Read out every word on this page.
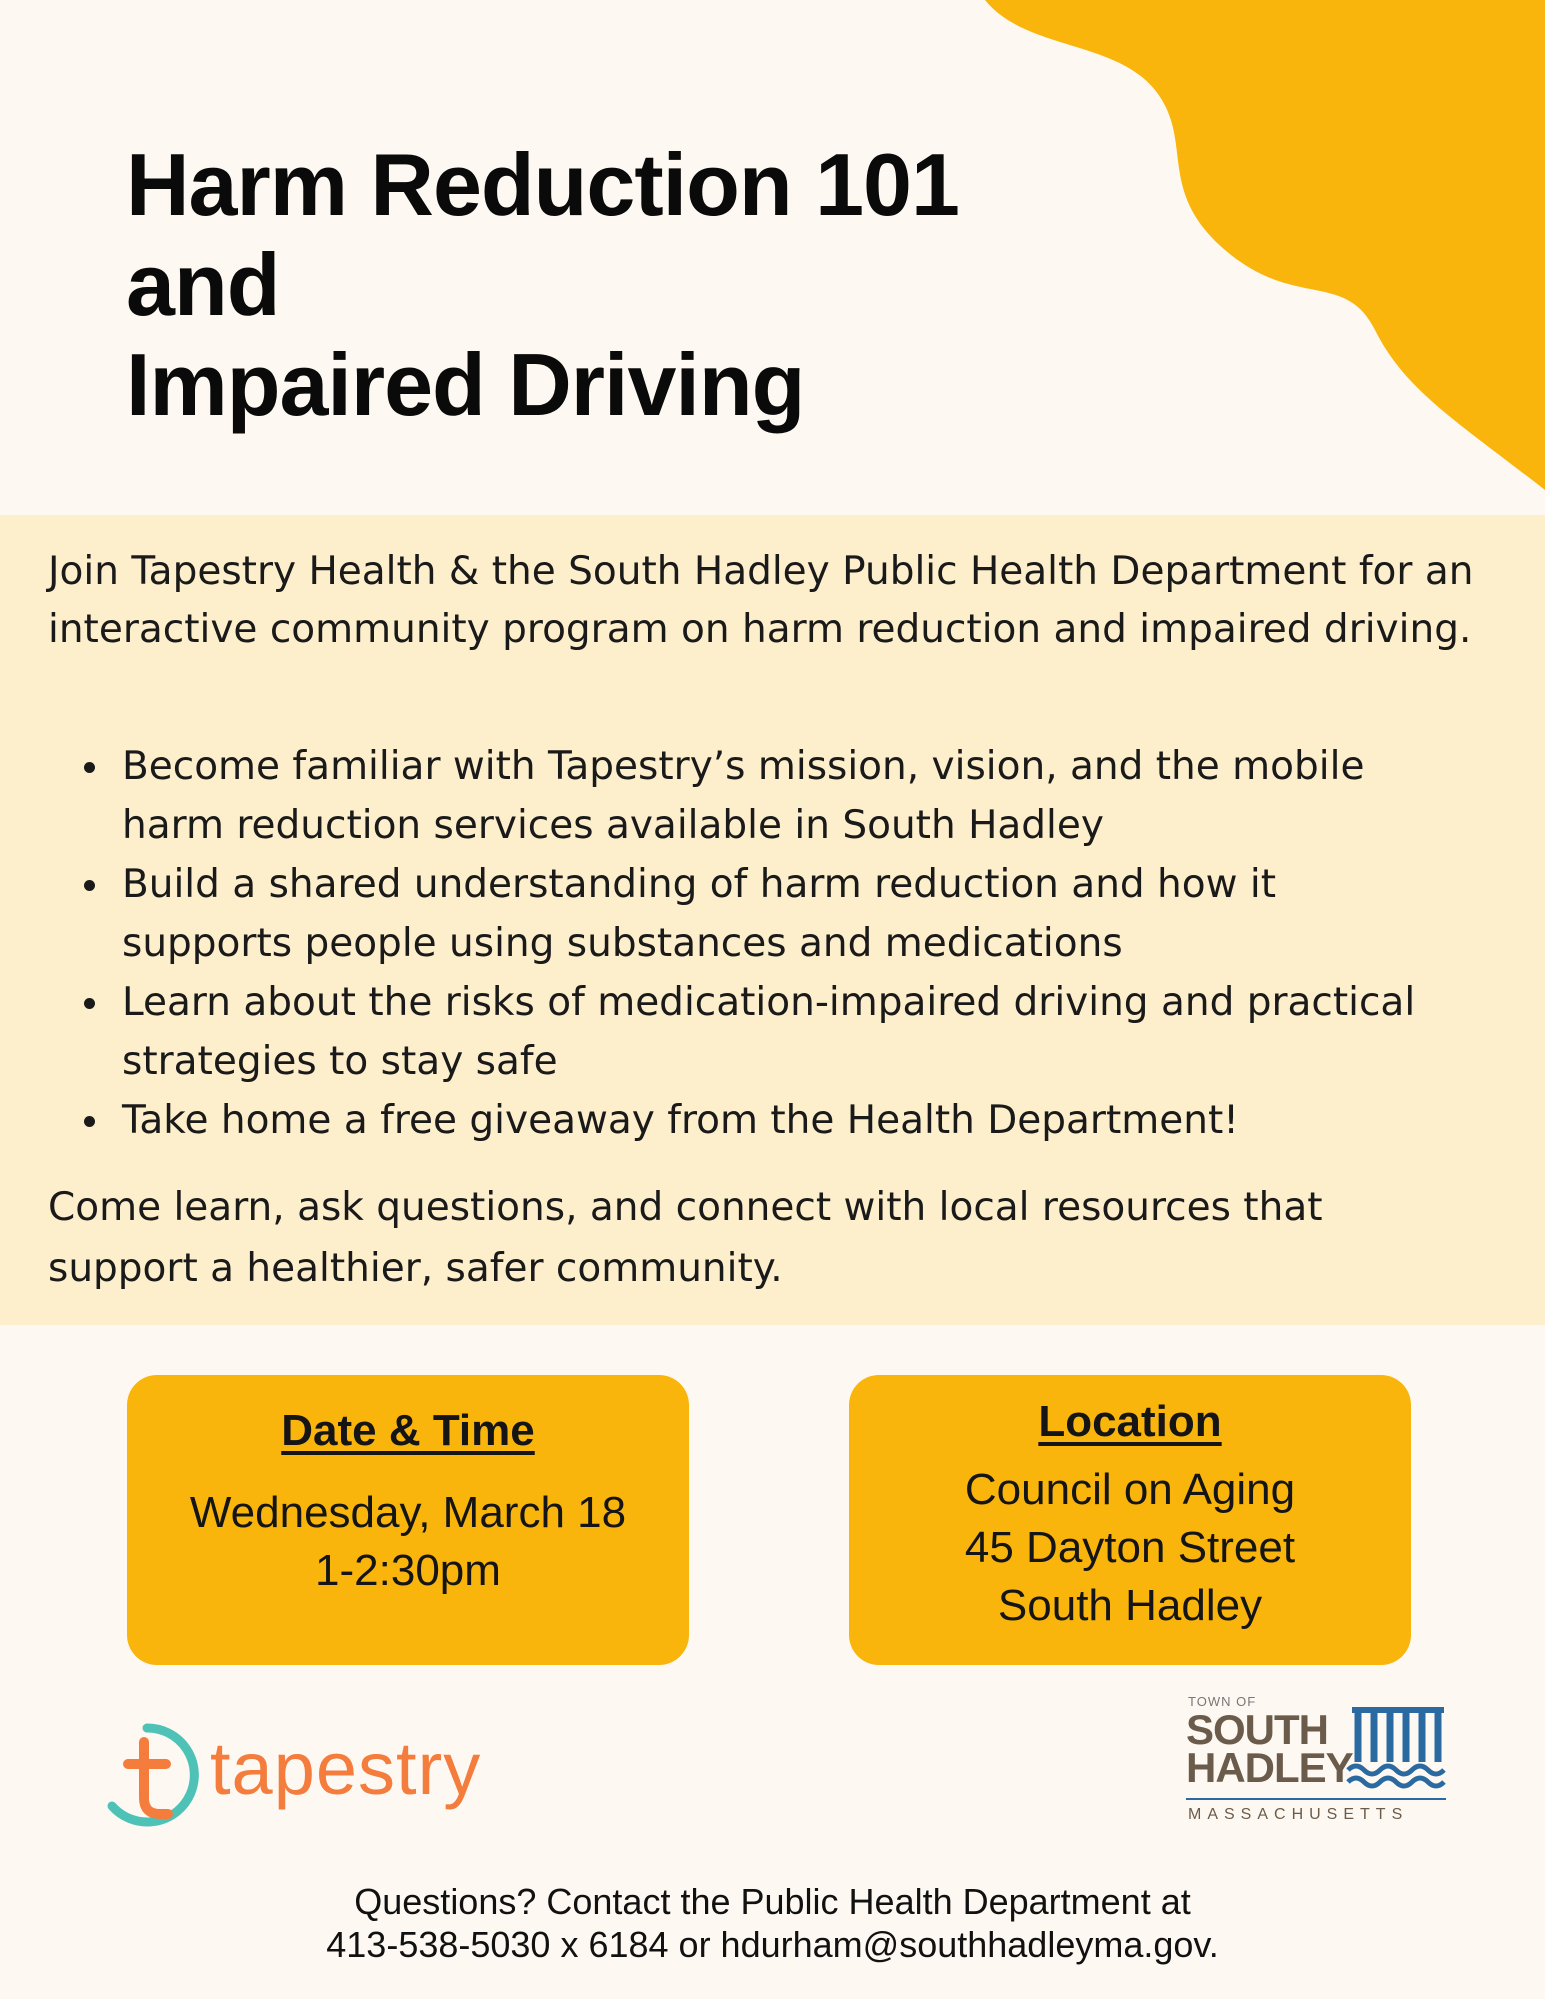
Harm Reduction 101
and
Impaired Driving
Join Tapestry Health & the South Hadley Public Health Department for an interactive community program on harm reduction and impaired driving.
Become familiar with Tapestry’s mission, vision, and the mobile
harm reduction services available in South Hadley
Build a shared understanding of harm reduction and how it
supports people using substances and medications
Learn about the risks of medication-impaired driving and practical
strategies to stay safe
Take home a free giveaway from the Health Department!
Come learn, ask questions, and connect with local resources that
support a healthier, safer community.
Date & Time
Wednesday, March 18
1-2:30pm
Location
Council on Aging
45 Dayton Street
South Hadley
tapestry
TOWN OF
SOUTH
HADLEY
MASSACHUSETTS
Questions? Contact the Public Health Department at
413-538-5030 x 6184 or hdurham@southhadleyma.gov.
